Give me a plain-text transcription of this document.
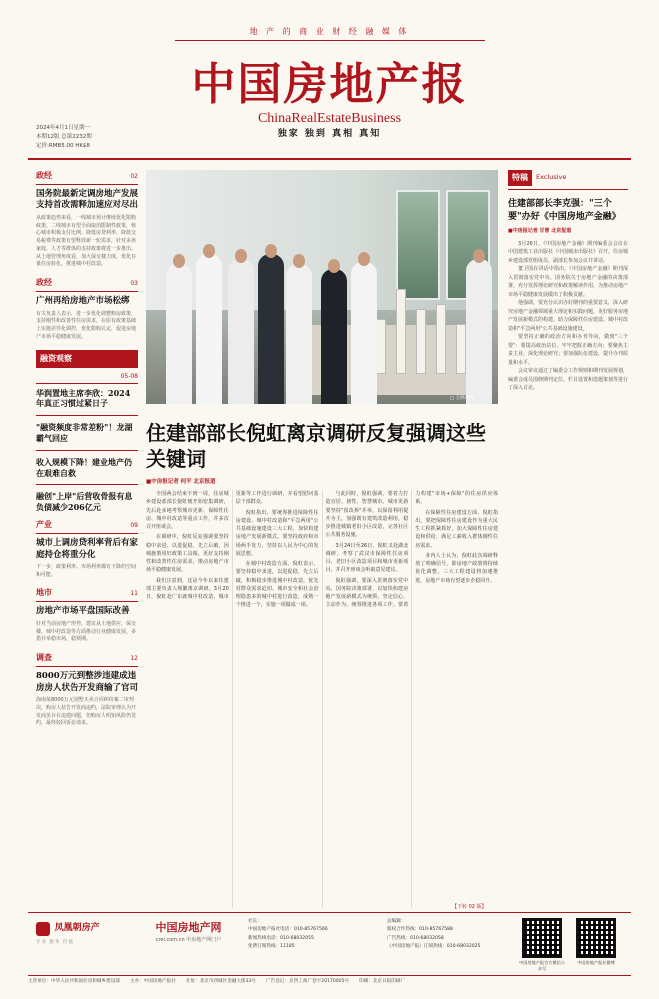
地 产 的 商 业 财 经 融 媒 体
中国房地产报
ChinaRealEstateBusiness
独家 独到 真相 真知
2024年4月1日星期一
本期12版 总第2232期
定价:RMB5.00 HK$8
政经	02
国务院最新定调房地产发展支持首改需释加速应对尽出
从政策趋势来看，一线城市预计继续优化限购政策，二线城市有望全面取消限制性政策，核心城市积极支付比例、降低房贷利率、降低交易税费等政策有望释放新一轮需求，针对多孩家庭、人才等群体的支持政策将进一步推出。从土地管理角度看，加大保交楼力度，优化存量住房转化，推进城中村改造。
政经	03
广州再给房地产市场松绑
有关负责人表示，进一步优化调整购房政策，支持刚性和改善性住房需求，在原有政策基础上实施差异化调控，优化限购认定，促进房地产市场平稳健康发展。
融资观察
05-08
华润置地主席李欣：2024年真正习惯过紧日子
"融资频度非常差粉"！龙湖霸气回应
收入规模下降！建业地产仍在艰难自救
融创"上岸"后营收骨报有息负债减少206亿元
产业	09
城市上调房贷利率背后有家庭持仓将重分化
下一步，政策利率、市场利率都有下降的空间和可能。
地市	11
房地产市场平盘国际改善
针对当前房地产形势，建议从土地供应、保交楼、城中村改造等方面推动行业健康发展，多措并举稳市场、稳预期。
调查	12
8000万元到整涉违建成违房房人状告开发商输了官司
海南某8000万元别墅买卖合同纠纷案二审判决，购房人状告开发商违约，法院审理认为开发商虽存在违建问题，但购房人明知风险仍签约，最终驳回诉讼请求。
□ 王婷/摄影
住建部部长倪虹离京调研反复强调这些关键词
■中房报记者 何平 北京报道

全国两会结束不到一周，住房城乡建设部部长倪虹便开始密集调研，先后赴多地考察城市更新、保障性住房、城中村改造等重点工作，并多次召开座谈会。

在调研中，倪虹反复强调要坚持稳中求进、以进促稳、先立后破，因城施策用好政策工具箱，更好支持刚性和改善性住房需求，推动房地产市场平稳健康发展。

我们注意到，这是今年以来住建部主要负责人频繁离京调研。3月20日，倪虹赴广东就城中村改造、城市更新等工作进行调研，并看望慰问基层干部群众。

倪虹指出，要统筹推进保障性住房建设、城中村改造和"平急两用"公共基础设施建设三大工程，加快构建房地产发展新模式。要坚持政府和市场两手发力，坚持以人民为中心的发展思想。

在城中村改造方面，倪虹表示，要坚持稳中求进，以进促稳，先立后破，积极稳步推进城中村改造，优先对群众需求迫切、城市安全和社会治理隐患多的城中村进行改造，成熟一个推进一个，实施一项做成一项。

与此同时，倪虹强调，要着力打造宜居、韧性、智慧城市。城市更新要坚持"留改拆"并举，以保留利用提升为主，加强既有建筑改造利用，稳步推进城镇老旧小区改造，完善社区公共服务设施。

3月24日至26日，倪虹又赴湖北调研，考察了武汉市保障性住房项目、老旧小区改造项目和城市更新项目，并召开座谈会听取意见建议。

倪虹强调，要深入贯彻落实党中央、国务院决策部署，以加快构建房地产发展新模式为统领，坚定信心，主动作为，统筹推进各项工作。要着力构建"市场+保障"的住房供应体系。

在保障性住房建设方面，倪虹指出，要把保障性住房建设作为重大民生工程抓紧抓好，加大保障性住房建设和供给，满足工薪收入群体刚性住房需求。

业内人士认为，倪虹此次调研释放了明确信号，即房地产政策将持续优化调整，三大工程建设将加速推进，房地产市场有望逐步企稳回升。

【下转 02 版】
特稿	Exclusive
住建部部长李克强："三个要"办好《中国房地产金融》
■中房报记者 甘曾 北京报道

3月26日，《中国房地产金融》期刊编委会会议在中国建筑工业出版社《中国城市出版社》召开。住房城乡建设部党组成员、副部长参加会议并讲话。

董卫国在讲话中指出，《中国房地产金融》期刊深入贯彻落实党中央、国务院关于房地产金融的决策部署，充分发挥理论研究和政策解读作用，为推动房地产市场平稳健康发展做出了积极贡献。

他强调，要充分认识办好期刊的重要意义，深入研究房地产金融领域重大理论和实践问题，更好服务房地产发展新模式的构建，助力保障性住房建设、城中村改造和"平急两用"公共基础设施建设。

要坚持正确的政治方向和办刊导向，做到"三个要"：要提高政治站位，牢牢把握正确方向；要聚焦主责主业，深化理论研究；要加强队伍建设，提升办刊质量和水平。

会议审议通过了编委会工作规则和期刊发展规划，编委会成员围绕期刊定位、栏目设置和选题策划等进行了深入讨论。

凤凰朝房产
专业 服务 价值
中国房地产网
crei.com.cn 中房地产网门户
社长：	总编辑：
中国房地产报社电话：010-85767566	版权合作热线：010-85767588
新闻热线电话：010-68032055	广告热线：010-68032058
免费订阅热线：11185	《中国房地产报》订阅热线：010-68032025
中国房地产报官方微信公众号
中国房地产报社微博
主管单位：中华人民共和国住房和城乡建设部 主办：中国房地产报社 社址：北京市西城区金融大街33号 广告登记：京西工商广登字20170005号 印刷：北京日报印刷厂
